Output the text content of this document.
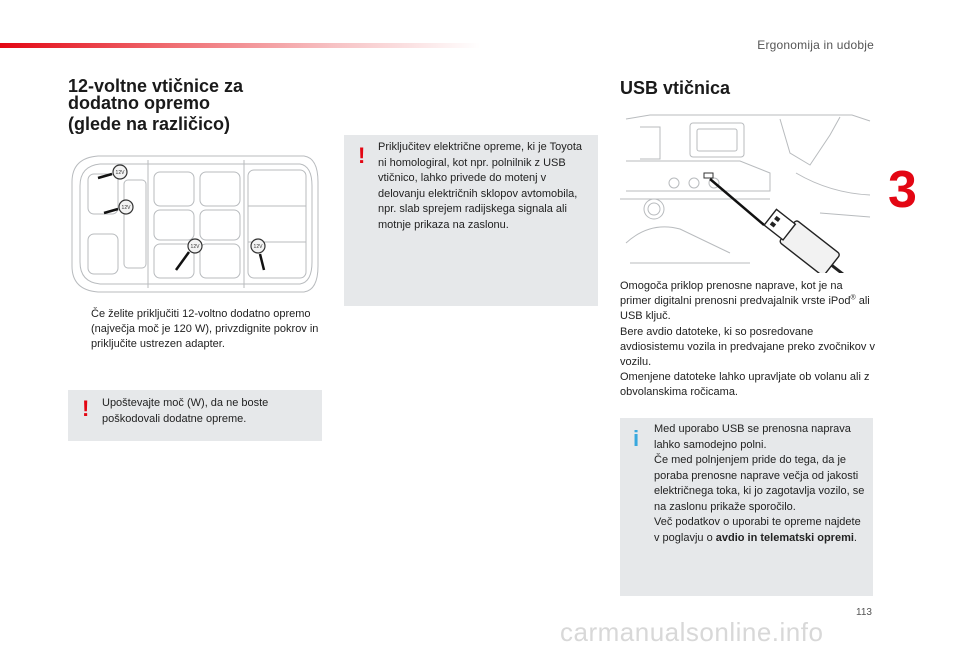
Ergonomija in udobje
3
12-voltne vtičnice za
dodatno opremo
(glede na različico)
12V
12V
12V	12V

Če želite priključiti 12-voltno dodatno opremo (največja moč je 120 W), privzdignite pokrov in priključite ustrezen adapter.

! Upoštevajte moč (W), da ne boste poškodovali dodatne opreme.

! Priključitev električne opreme, ki je Toyota ni homologiral, kot npr. polnilnik z USB vtičnico, lahko privede do motenj v delovanju električnih sklopov avtomobila, npr. slab sprejem radijskega signala ali motnje prikaza na zaslonu.

USB vtičnica

Omogoča priklop prenosne naprave, kot je na primer digitalni prenosni predvajalnik vrste iPod® ali USB ključ.

Bere avdio datoteke, ki so posredovane avdiosistemu vozila in predvajane preko zvočnikov v vozilu.

Omenjene datoteke lahko upravljate ob volanu ali z obvolanskima ročicama.

i Med uporabo USB se prenosna naprava lahko samodejno polni.
Če med polnjenjem pride do tega, da je poraba prenosne naprave večja od jakosti električnega toka, ki jo zagotavlja vozilo, se na zaslonu prikaže sporočilo.
Več podatkov o uporabi te opreme najdete v poglavju o avdio in telematski opremi.

113
carmanualsonline.info
